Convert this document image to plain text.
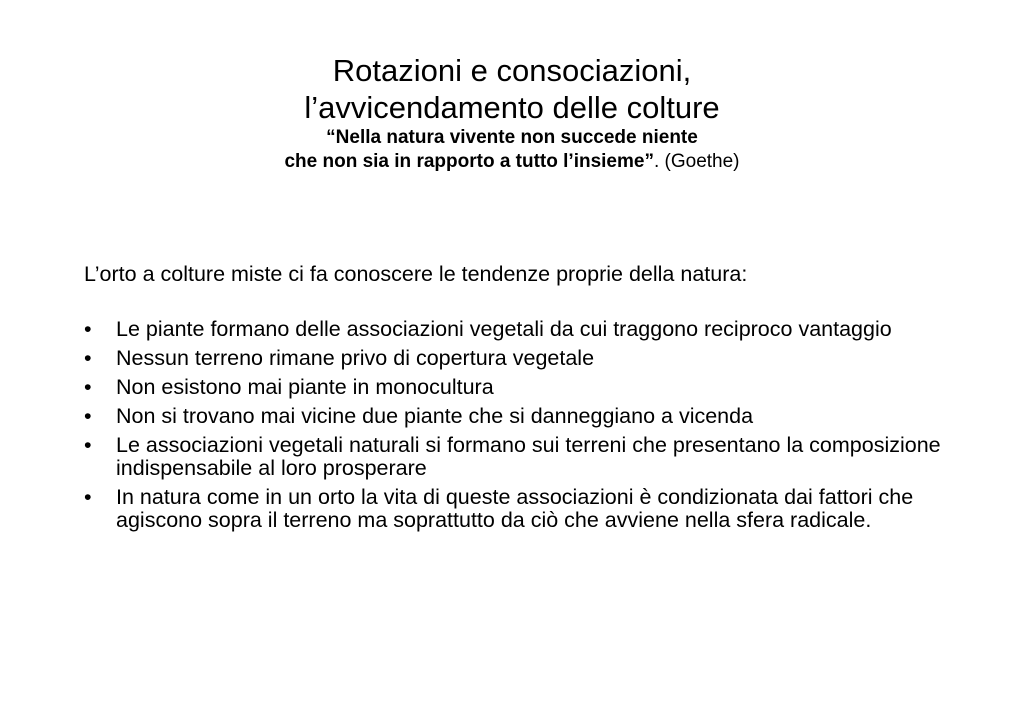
Rotazioni e consociazioni,

l’avvicendamento delle colture

“Nella natura vivente non succede niente

che non sia in rapporto a tutto l’insieme”. (Goethe)

L’orto a colture miste ci fa conoscere le tendenze proprie della natura:

•	Le piante formano delle associazioni vegetali da cui traggono reciproco vantaggio
•	Nessun terreno rimane privo di copertura vegetale
•	Non esistono mai piante in monocultura
•	Non si trovano mai vicine due piante che si danneggiano a vicenda
•	Le associazioni vegetali naturali si formano sui terreni che presentano la composizione indispensabile al loro prosperare
•	In natura come in un orto la vita di queste associazioni è condizionata dai fattori che agiscono sopra il terreno ma soprattutto da ciò che avviene nella sfera radicale.
